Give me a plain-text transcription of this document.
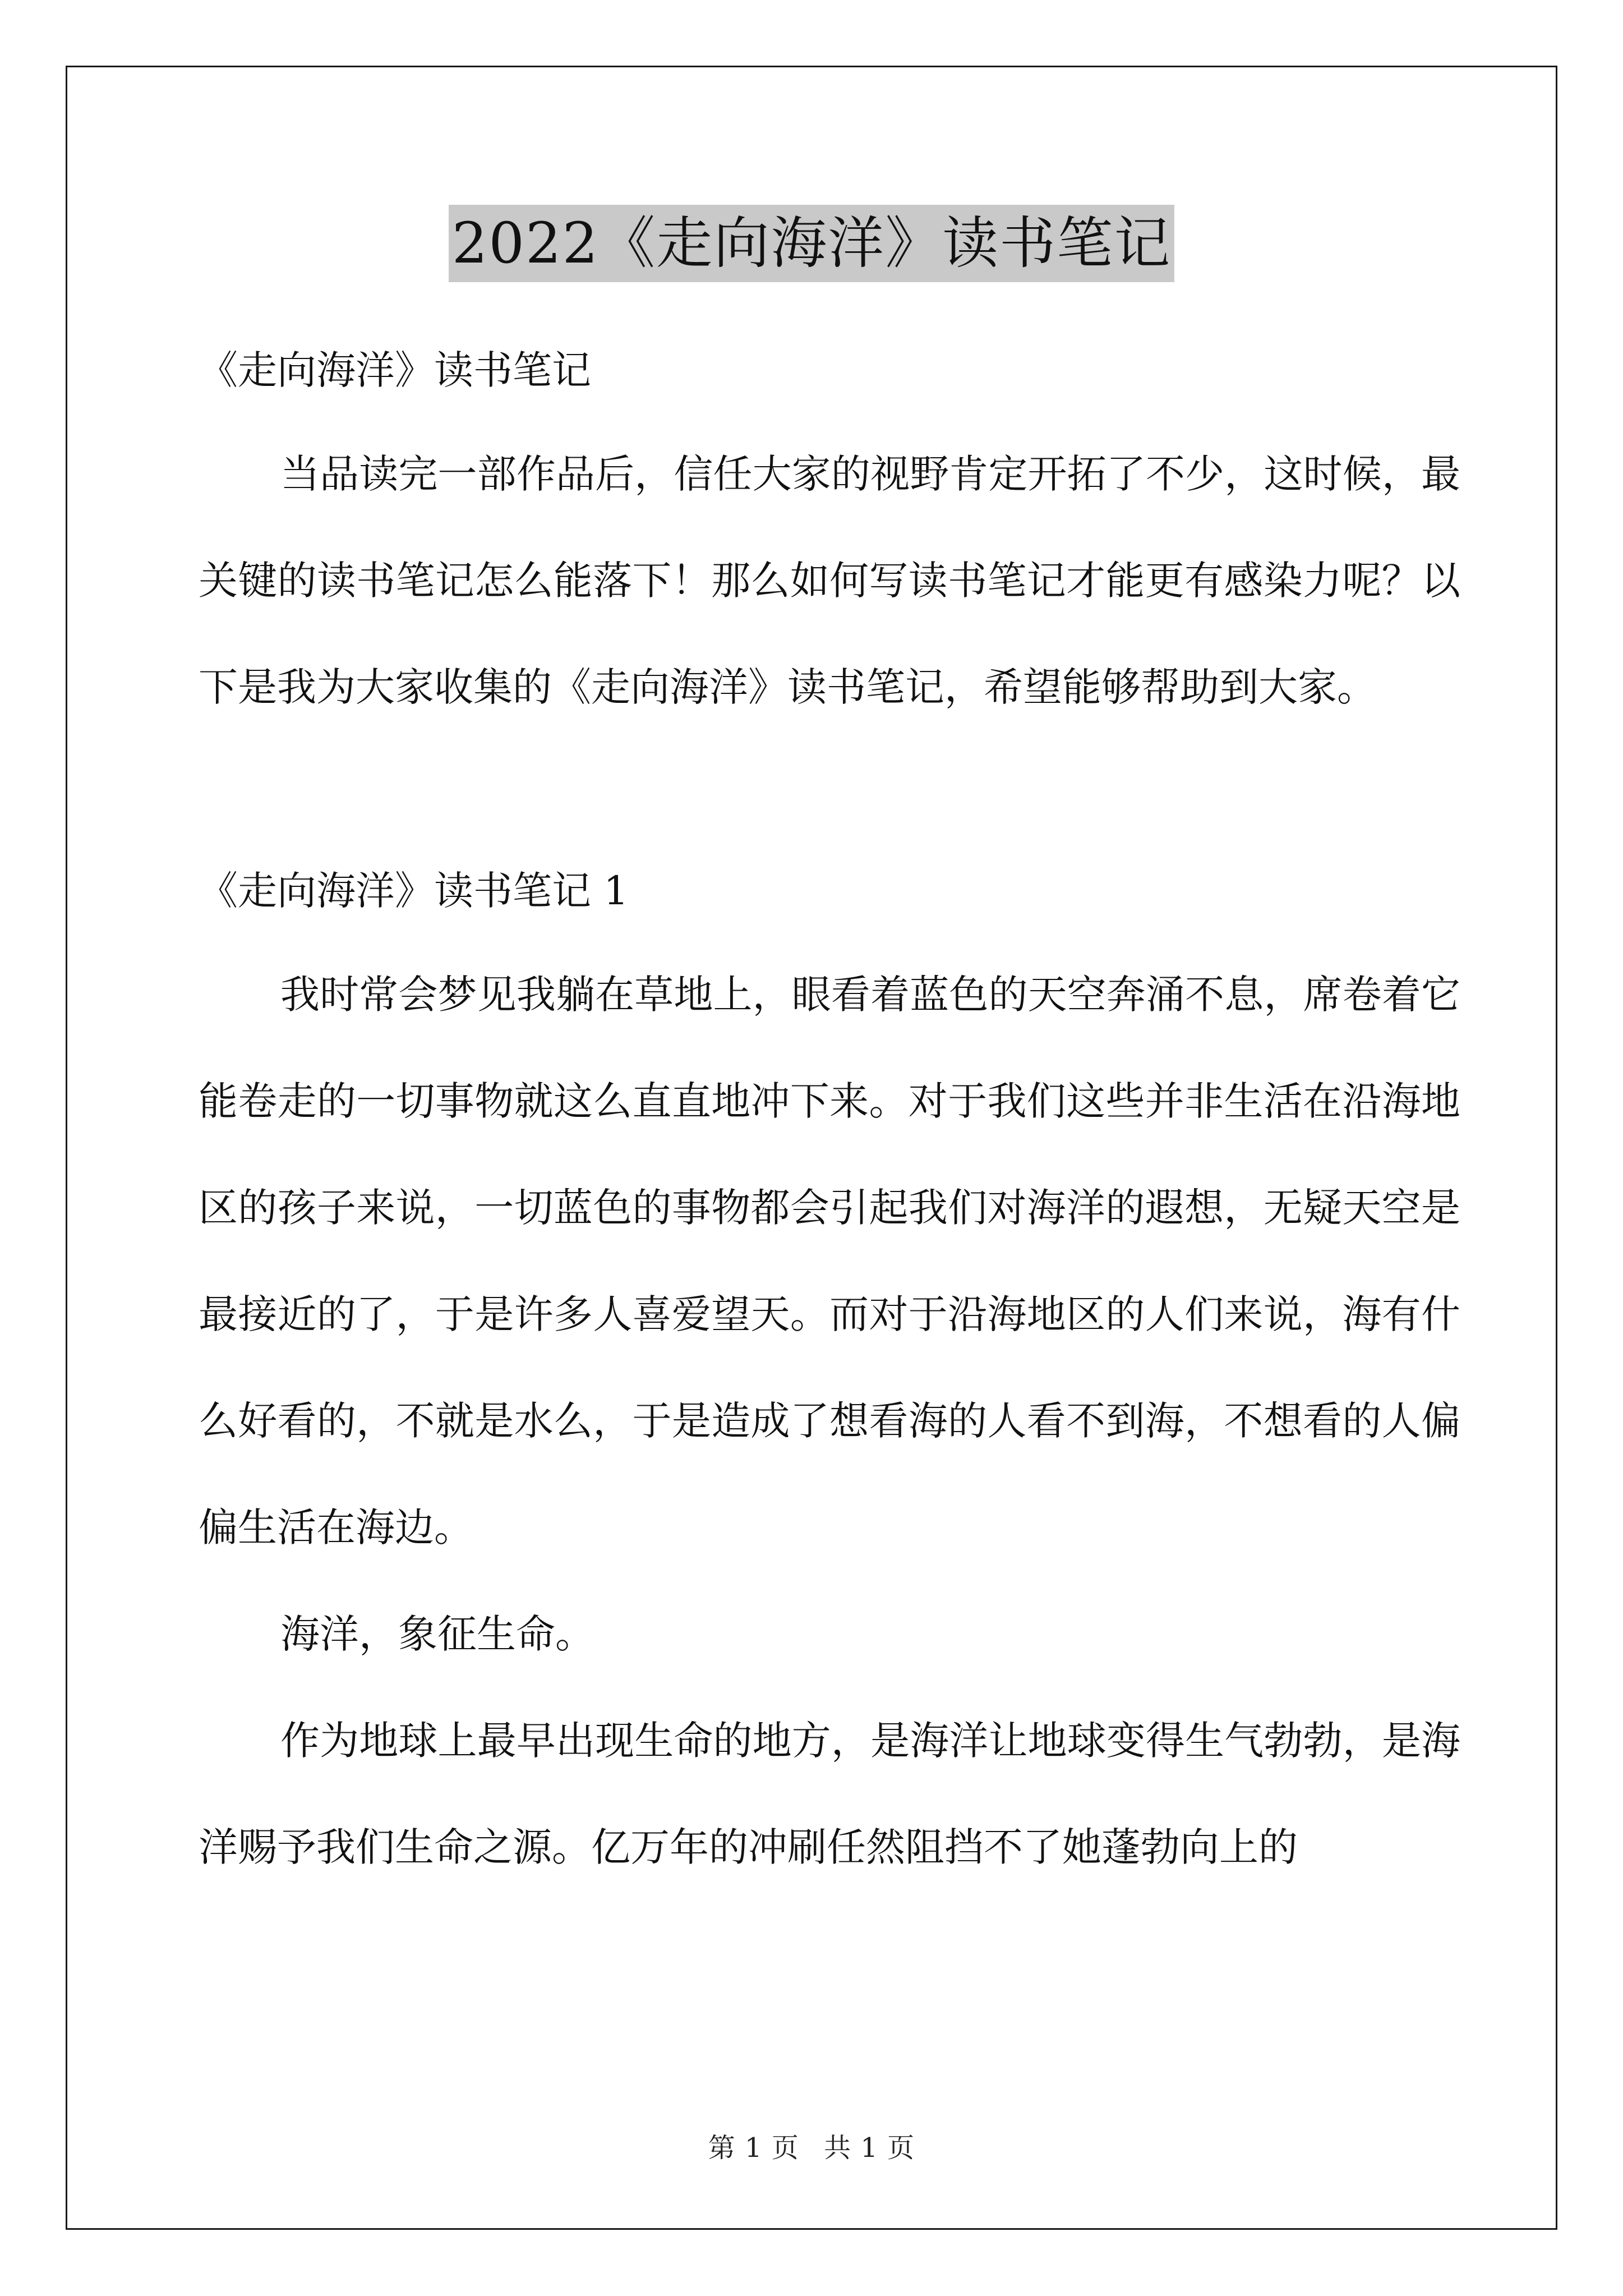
2022《走向海洋》读书笔记

《走向海洋》读书笔记

当品读完一部作品后，信任大家的视野肯定开拓了不少，这时候，最关键的读书笔记怎么能落下！那么如何写读书笔记才能更有感染力呢？以下是我为大家收集的《走向海洋》读书笔记，希望能够帮助到大家。

《走向海洋》读书笔记 1

我时常会梦见我躺在草地上，眼看着蓝色的天空奔涌不息，席卷着它能卷走的一切事物就这么直直地冲下来。对于我们这些并非生活在沿海地区的孩子来说，一切蓝色的事物都会引起我们对海洋的遐想，无疑天空是最接近的了，于是许多人喜爱望天。而对于沿海地区的人们来说，海有什么好看的，不就是水么，于是造成了想看海的人看不到海，不想看的人偏偏生活在海边。

海洋，象征生命。

作为地球上最早出现生命的地方，是海洋让地球变得生气勃勃，是海洋赐予我们生命之源。亿万年的冲刷任然阻挡不了她蓬勃向上的

第 1 页 共 1 页
